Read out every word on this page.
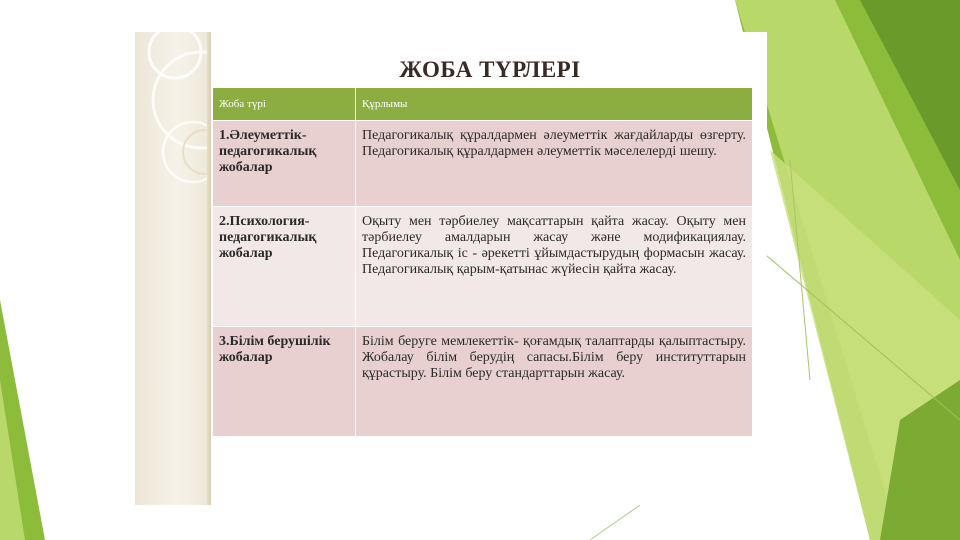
ЖОБА ТҮРЛЕРІ
Жоба түрі	Құрлымы
1.Әлеуметтік-педагогикалық жобалар	Педагогикалық құралдармен әлеуметтік жағдайларды өзгерту. Педагогикалық құралдармен әлеуметтік мәселелерді шешу.
2.Психология-педагогикалық жобалар	Оқыту мен тәрбиелеу мақсаттарын қайта жасау. Оқыту мен тәрбиелеу амалдарын жасау және модификациялау. Педагогикалық іс - әрекетті ұйымдастырудың формасын жасау. Педагогикалық қарым-қатынас жүйесін қайта жасау.
3.Білім берушілік жобалар	Білім беруге мемлекеттік- қоғамдық талаптарды қалыптастыру. Жобалау білім берудің сапасы.Білім беру институттарын құрастыру. Білім беру стандарттарын жасау.
